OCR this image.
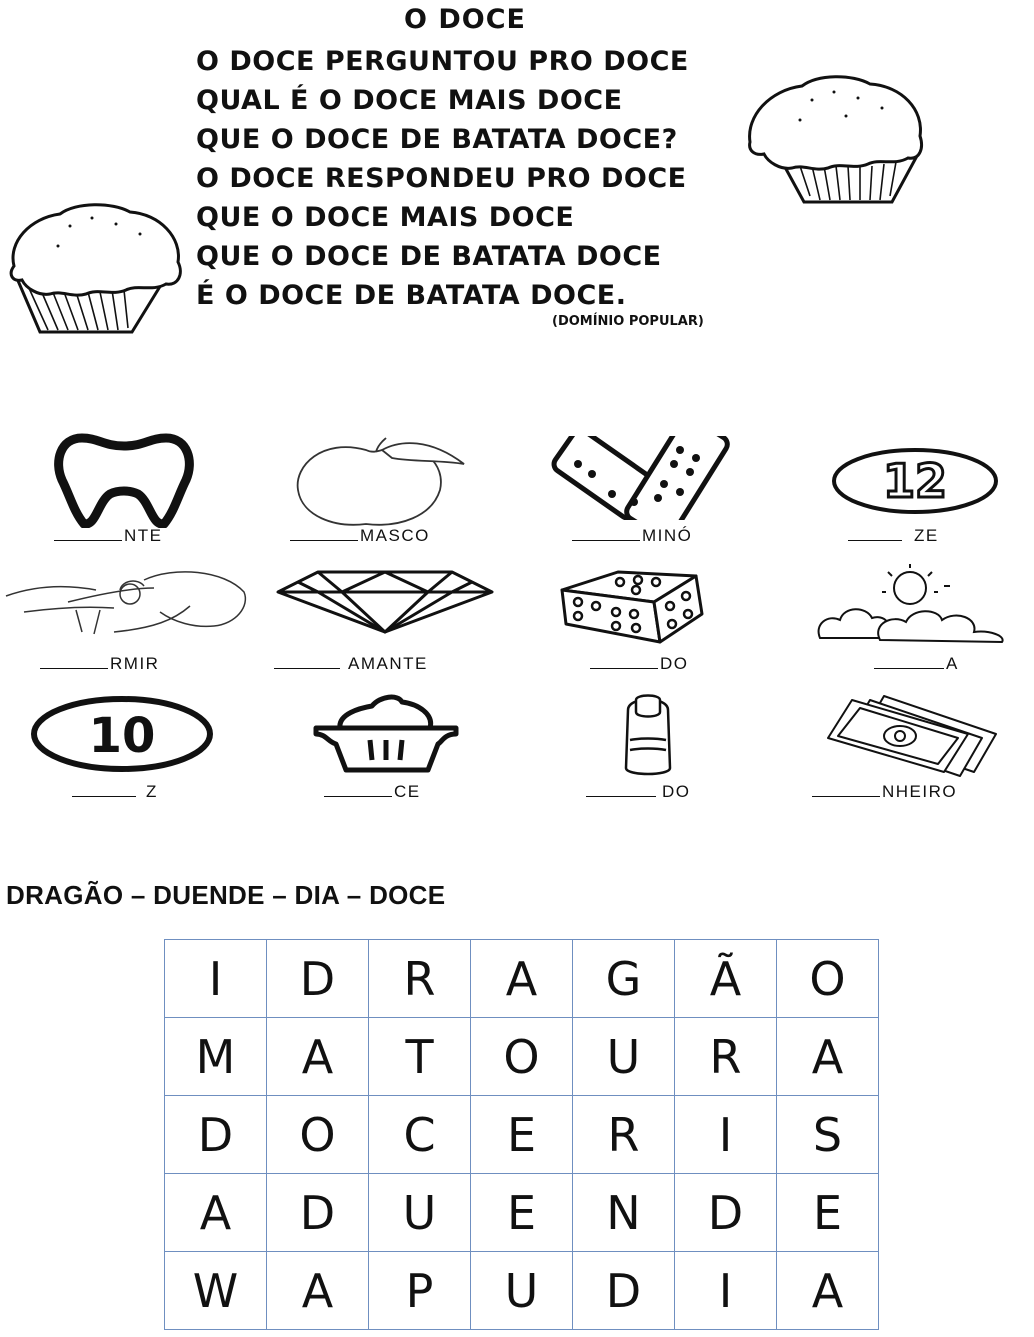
O DOCE
O DOCE PERGUNTOU PRO DOCE
QUAL É O DOCE MAIS DOCE
QUE O DOCE DE BATATA DOCE?
O DOCE RESPONDEU PRO DOCE
QUE O DOCE MAIS DOCE
QUE O DOCE DE BATATA DOCE
É O DOCE DE BATATA DOCE.
(DOMÍNIO POPULAR)
NTE	MASCO	MINÓ
12
ZE
RMIR	AMANTE	DO	A
10
Z	CE	DO	NHEIRO
DRAGÃO – DUENDE – DIA – DOCE
I	D	R	A	G	Ã	O
M	A	T	O	U	R	A
D	O	C	E	R	I	S
A	D	U	E	N	D	E
W	A	P	U	D	I	A
